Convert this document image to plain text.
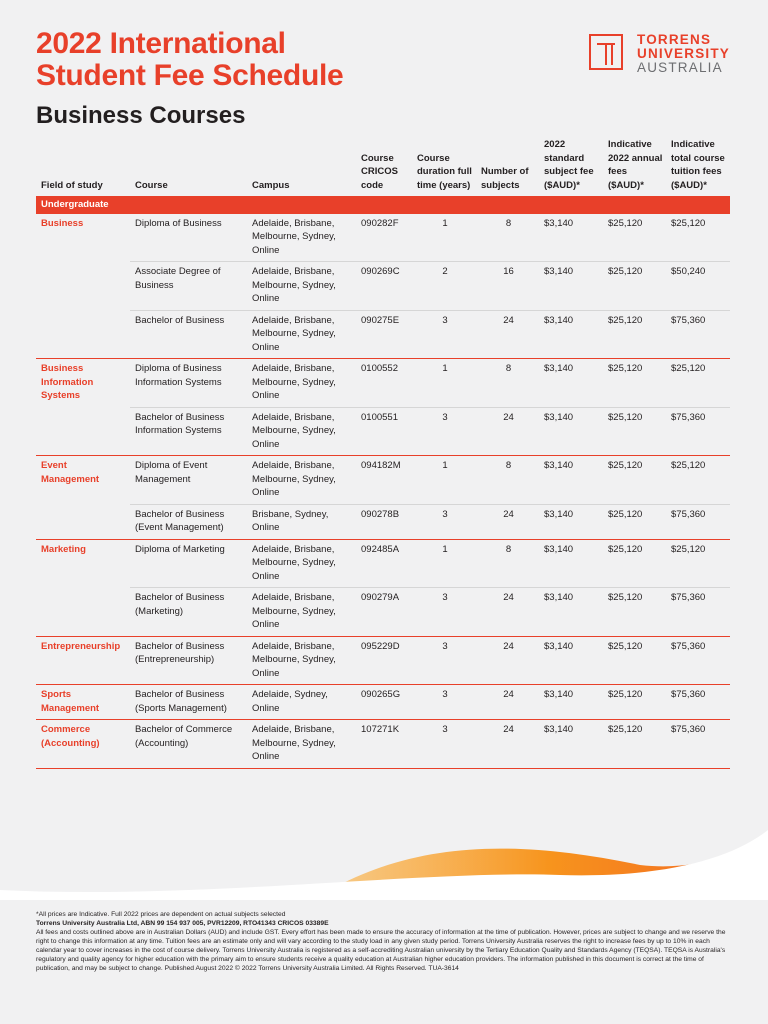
2022 International
Student Fee Schedule
Business Courses
TORRENS
UNIVERSITY
AUSTRALIA
Field of study	Course	Campus	Course CRICOS code	Course duration full time (years)	Number of subjects	2022 standard subject fee ($AUD)*	Indicative 2022 annual fees ($AUD)*	Indicative total course tuition fees ($AUD)*
Undergraduate								
Business	Diploma of Business	Adelaide, Brisbane, Melbourne, Sydney, Online	090282F	1	8	$3,140	$25,120	$25,120
	Associate Degree of Business	Adelaide, Brisbane, Melbourne, Sydney, Online	090269C	2	16	$3,140	$25,120	$50,240
	Bachelor of Business	Adelaide, Brisbane, Melbourne, Sydney, Online	090275E	3	24	$3,140	$25,120	$75,360
Business Information Systems	Diploma of Business Information Systems	Adelaide, Brisbane, Melbourne, Sydney, Online	0100552	1	8	$3,140	$25,120	$25,120
	Bachelor of Business Information Systems	Adelaide, Brisbane, Melbourne, Sydney, Online	0100551	3	24	$3,140	$25,120	$75,360
Event Management	Diploma of Event Management	Adelaide, Brisbane, Melbourne, Sydney, Online	094182M	1	8	$3,140	$25,120	$25,120
	Bachelor of Business (Event Management)	Brisbane, Sydney, Online	090278B	3	24	$3,140	$25,120	$75,360
Marketing	Diploma of Marketing	Adelaide, Brisbane, Melbourne, Sydney, Online	092485A	1	8	$3,140	$25,120	$25,120
	Bachelor of Business (Marketing)	Adelaide, Brisbane, Melbourne, Sydney, Online	090279A	3	24	$3,140	$25,120	$75,360
Entrepreneurship	Bachelor of Business (Entrepreneurship)	Adelaide, Brisbane, Melbourne, Sydney, Online	095229D	3	24	$3,140	$25,120	$75,360
Sports Management	Bachelor of Business (Sports Management)	Adelaide, Sydney, Online	090265G	3	24	$3,140	$25,120	$75,360
Commerce (Accounting)	Bachelor of Commerce (Accounting)	Adelaide, Brisbane, Melbourne, Sydney, Online	107271K	3	24	$3,140	$25,120	$75,360
*All prices are Indicative. Full 2022 prices are dependent on actual subjects selected
Torrens University Australia Ltd, ABN 99 154 937 005, PVR12209, RTO41343 CRICOS 03389E
All fees and costs outlined above are in Australian Dollars (AUD) and include GST. Every effort has been made to ensure the accuracy of information at the time of publication. However, prices are subject to change and we reserve the right to change this information at any time. Tuition fees are an estimate only and will vary according to the study load in any given study period. Torrens University Australia reserves the right to increase fees by up to 10% in each calendar year to cover increases in the cost of course delivery. Torrens University Australia is registered as a self-accrediting Australian university by the Tertiary Education Quality and Standards Agency (TEQSA). TEQSA is Australia's regulatory and quality agency for higher education with the primary aim to ensure students receive a quality education at Australian higher education providers. The information published in this document is correct at the time of publication, and may be subject to change. Published August 2022 © 2022 Torrens University Australia Limited. All Rights Reserved. TUA-3614
